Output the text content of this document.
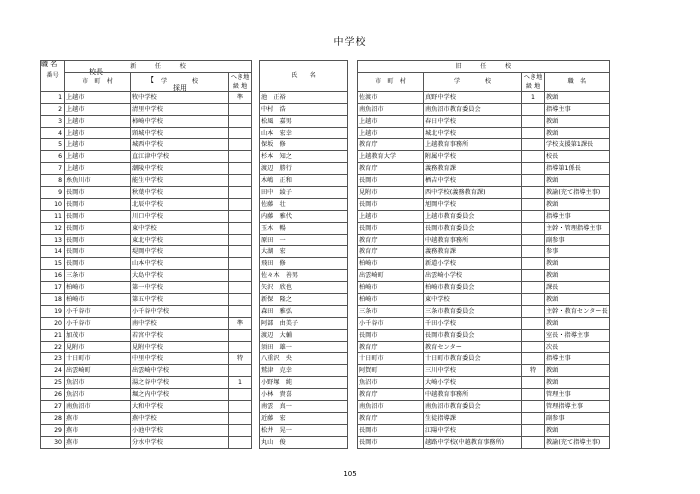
中学校

職 名

校長

【

採用

番号	新　　　任　　　校				氏　　名		旧　　　任　　　校			
	市　町　村	学　　　　校	へき地 級 地				市　町　村	学　　　　校	へき地 級 地	職　名
1	上越市	牧中学校	準		池　正裕		佐渡市	真野中学校	1	教頭
2	上越市	清里中学校			中村　浩		南魚沼市	南魚沼市教育委員会		指導主事
3	上越市	柿崎中学校			松風　嘉男		上越市	春日中学校		教頭
4	上越市	頸城中学校			山本　宏幸		上越市	城北中学校		教頭
5	上越市	城西中学校			保坂　修		教育庁	上越教育事務所		学校支援第1課長
6	上越市	直江津中学校			杉本　知之		上越教育大学	附属中学校		校長
7	上越市	潮陵中学校			渡辺　勝行		教育庁	義務教育課		指導第1係長
8	糸魚川市	能生中学校			木嶋　正和		長岡市	栖吉中学校		教頭
9	長岡市	秋葉中学校			田中　綾子		見附市	西中学校(義務教育課)		教諭(充て指導主事)
10	長岡市	北辰中学校			佐藤　壮		長岡市	旭岡中学校		教頭
11	長岡市	川口中学校			内藤　雅代		上越市	上越市教育委員会		指導主事
12	長岡市	東中学校			玉木　暢		長岡市	長岡市教育委員会		主幹・管理指導主事
13	長岡市	東北中学校			原田　一		教育庁	中越教育事務所		副参事
14	長岡市	堤岡中学校			大湖　宏		教育庁	義務教育課		参事
15	長岡市	山本中学校			飛田　修		柏崎市	新道小学校		教頭
16	三条市	大島中学校			佐々木　善男		出雲崎町	出雲崎小学校		教頭
17	柏崎市	第一中学校			矢沢　欣也		柏崎市	柏崎市教育委員会		課長
18	柏崎市	第五中学校			新保　隆之		柏崎市	東中学校		教頭
19	小千谷市	小千谷中学校			森田　雅弘		三条市	三条市教育委員会		主幹・教育センター長
20	小千谷市	南中学校	準		阿部　由美子		小千谷市	千田小学校		教頭
21	加茂市	若宮中学校			渡辺　大輔		長岡市	長岡市教育委員会		室長・指導主事
22	見附市	見附中学校			須田　雄一		教育庁	教育センター		次長
23	十日町市	中里中学校	特		八重沢　央		十日町市	十日町市教育委員会		指導主事
24	出雲崎町	出雲崎中学校			鷲津　克幸		阿賀町	三川中学校	特	教頭
25	魚沼市	湯之谷中学校	1		小野塚　純		魚沼市	大崎小学校		教頭
26	魚沼市	堀之内中学校			小林　貴喜		教育庁	中越教育事務所		管理主事
27	南魚沼市	大和中学校			南雲　真一		南魚沼市	南魚沼市教育委員会		管理指導主事
28	燕市	燕中学校			近藤　宏		教育庁	生徒指導課		副参事
29	燕市	小池中学校			松井　晃一		長岡市	江陽中学校		教頭
30	燕市	分水中学校			丸山　俊		長岡市	越路中学校(中越教育事務所)		教諭(充て指導主事)
105
